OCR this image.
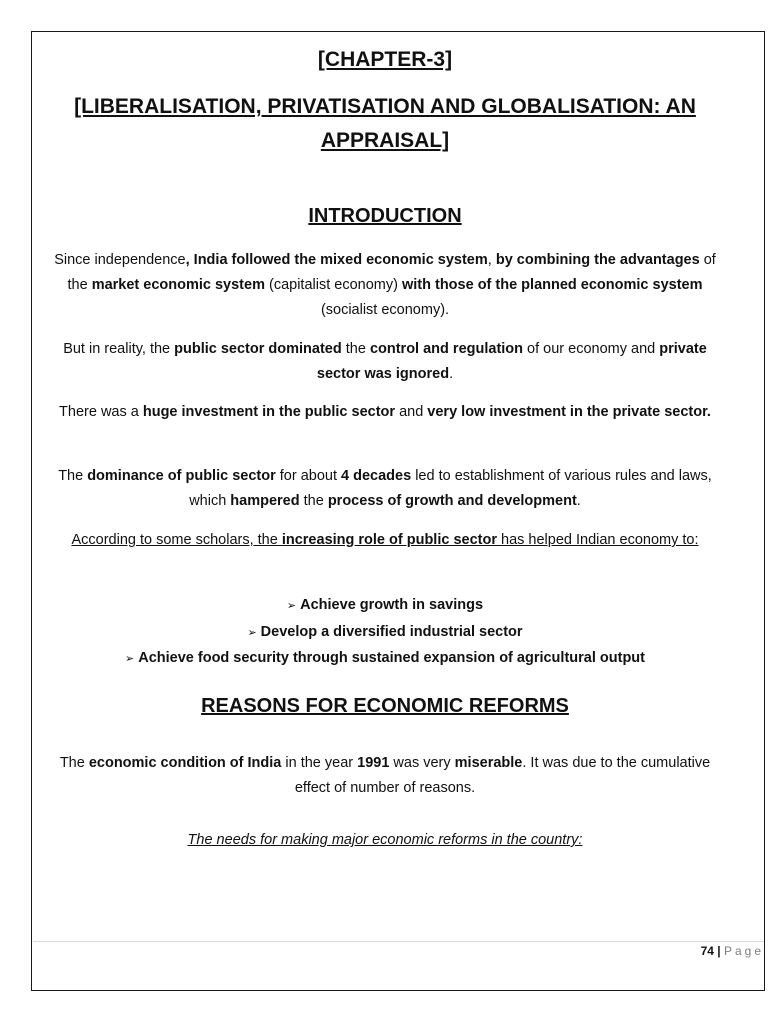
[CHAPTER-3]
[LIBERALISATION, PRIVATISATION AND GLOBALISATION: AN APPRAISAL]
INTRODUCTION
Since independence, India followed the mixed economic system, by combining the advantages of the market economic system (capitalist economy) with those of the planned economic system (socialist economy).
But in reality, the public sector dominated the control and regulation of our economy and private sector was ignored.
There was a huge investment in the public sector and very low investment in the private sector.
The dominance of public sector for about 4 decades led to establishment of various rules and laws, which hampered the process of growth and development.
According to some scholars, the increasing role of public sector has helped Indian economy to:
➢ Achieve growth in savings
➢ Develop a diversified industrial sector
➢ Achieve food security through sustained expansion of agricultural output
REASONS FOR ECONOMIC REFORMS
The economic condition of India in the year 1991 was very miserable. It was due to the cumulative effect of number of reasons.
The needs for making major economic reforms in the country:
74 | Page
